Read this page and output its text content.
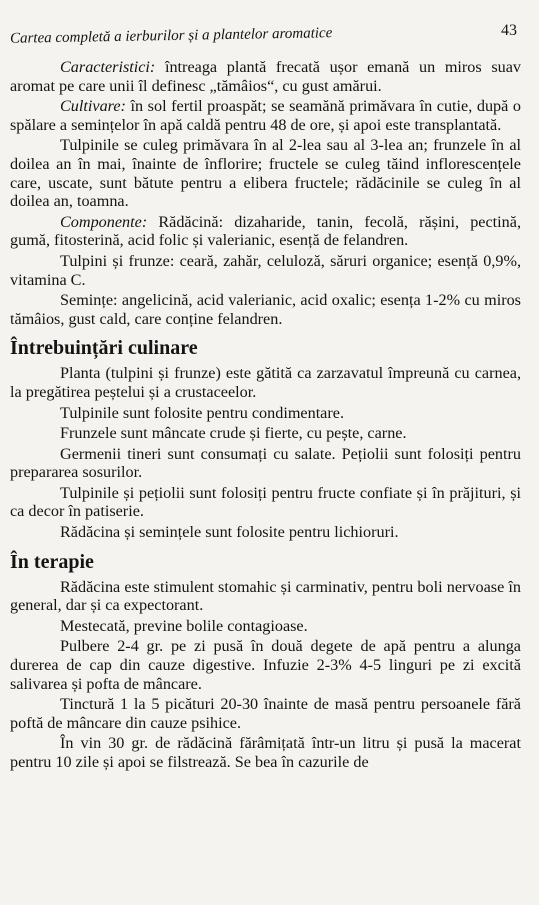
Cartea completă a ierburilor și a plantelor aromatice	43

Caracteristici: întreaga plantă frecată ușor emană un miros suav aromat pe care unii îl definesc „tămâios“, cu gust amărui.

Cultivare: în sol fertil proaspăt; se seamănă primăvara în cutie, după o spălare a semințelor în apă caldă pentru 48 de ore, și apoi este transplantată.

Tulpinile se culeg primăvara în al 2-lea sau al 3-lea an; frunzele în al doilea an în mai, înainte de înflorire; fructele se culeg tăind inflorescențele care, uscate, sunt bătute pentru a elibera fructele; rădăcinile se culeg în al doilea an, toamna.

Componente: Rădăcină: dizaharide, tanin, fecolă, rășini, pectină, gumă, fitosterină, acid folic și valerianic, esență de felandren.

Tulpini și frunze: ceară, zahăr, celuloză, săruri organice; esență 0,9%, vitamina C.

Semințe: angelicină, acid valerianic, acid oxalic; esența 1-2% cu miros tămâios, gust cald, care conține felandren.

Întrebuințări culinare

Planta (tulpini și frunze) este gătită ca zarzavatul împreună cu carnea, la pregătirea peștelui și a crustaceelor.

Tulpinile sunt folosite pentru condimentare.

Frunzele sunt mâncate crude și fierte, cu pește, carne.

Germenii tineri sunt consumați cu salate. Pețiolii sunt folosiți pentru prepararea sosurilor.

Tulpinile și pețiolii sunt folosiți pentru fructe confiate și în prăjituri, și ca decor în patiserie.

Rădăcina și semințele sunt folosite pentru lichioruri.

În terapie

Rădăcina este stimulent stomahic și carminativ, pentru boli nervoase în general, dar și ca expectorant.

Mestecată, previne bolile contagioase.

Pulbere 2-4 gr. pe zi pusă în două degete de apă pentru a alunga durerea de cap din cauze digestive. Infuzie 2-3% 4-5 linguri pe zi excită salivarea și pofta de mâncare.

Tinctură 1 la 5 picături 20-30 înainte de masă pentru persoanele fără poftă de mâncare din cauze psihice.

În vin 30 gr. de rădăcină fărâmițată într-un litru și pusă la macerat pentru 10 zile și apoi se filstrează. Se bea în cazurile de
